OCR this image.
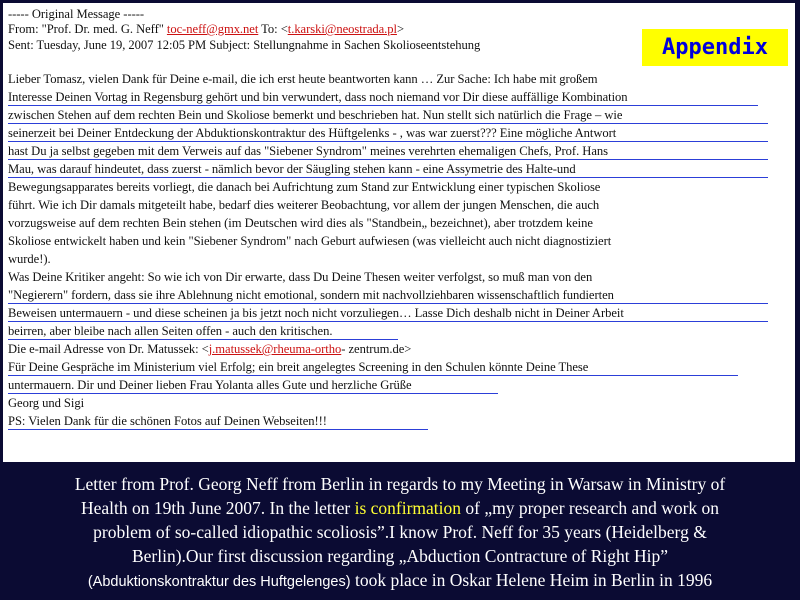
----- Original Message -----
From: "Prof. Dr. med. G. Neff" toc-neff@gmx.net To: <t.karski@neostrada.pl>
Sent: Tuesday, June 19, 2007 12:05 PM Subject: Stellungnahme in Sachen Skolioseentstehung
Lieber Tomasz, vielen Dank für Deine e-mail, die ich erst heute beantworten kann … Zur Sache: Ich habe mit großem
Interesse Deinen Vortag in Regensburg gehört und bin verwundert, dass noch niemand vor Dir diese auffällige Kombination
zwischen Stehen auf dem rechten Bein und Skoliose bemerkt und beschrieben hat. Nun stellt sich natürlich die Frage – wie
seinerzeit bei Deiner Entdeckung der Abduktionskontraktur des Hüftgelenks - , was war zuerst??? Eine mögliche Antwort
hast Du ja selbst gegeben mit dem Verweis auf das "Siebener Syndrom" meines verehrten ehemaligen Chefs, Prof. Hans
Mau, was darauf hindeutet, dass zuerst - nämlich bevor der Säugling stehen kann - eine Assymetrie des Halte-und
Bewegungsapparates bereits vorliegt, die danach bei Aufrichtung zum Stand zur Entwicklung einer typischen Skoliose
führt. Wie ich Dir damals mitgeteilt habe, bedarf dies weiterer Beobachtung, vor allem der jungen Menschen, die auch
vorzugsweise auf dem rechten Bein stehen (im Deutschen wird dies als "Standbein„ bezeichnet), aber trotzdem keine
Skoliose entwickelt haben und kein "Siebener Syndrom" nach Geburt aufwiesen (was vielleicht auch nicht diagnostiziert
wurde!).
Was Deine Kritiker angeht: So wie ich von Dir erwarte, dass Du Deine Thesen weiter verfolgst, so muß man von den
"Negierern" fordern, dass sie ihre Ablehnung nicht emotional, sondern mit nachvollziehbaren wissenschaftlich fundierten
Beweisen untermauern - und diese scheinen ja bis jetzt noch nicht vorzuliegen… Lasse Dich deshalb nicht in Deiner Arbeit
beirren, aber bleibe nach allen Seiten offen - auch den kritischen.
Die e-mail Adresse von Dr. Matussek: <j.matussek@rheuma-ortho- zentrum.de>
Für Deine Gespräche im Ministerium viel Erfolg; ein breit angelegtes Screening in den Schulen könnte Deine These
untermauern. Dir und Deiner lieben Frau Yolanta alles Gute und herzliche Grüße
Georg und Sigi
PS: Vielen Dank für die schönen Fotos auf Deinen Webseiten!!!
Appendix
Letter from Prof. Georg Neff from Berlin in regards to my Meeting in Warsaw in Ministry of
Health on 19th June 2007. In the letter is confirmation of „my proper research and work on
problem of so-called idiopathic scoliosis”.I know Prof. Neff for 35 years (Heidelberg &
Berlin).Our first discussion regarding „Abduction Contracture of Right Hip”
(Abduktionskontraktur des Huftgelenges) took place in Oskar Helene Heim in Berlin in 1996
